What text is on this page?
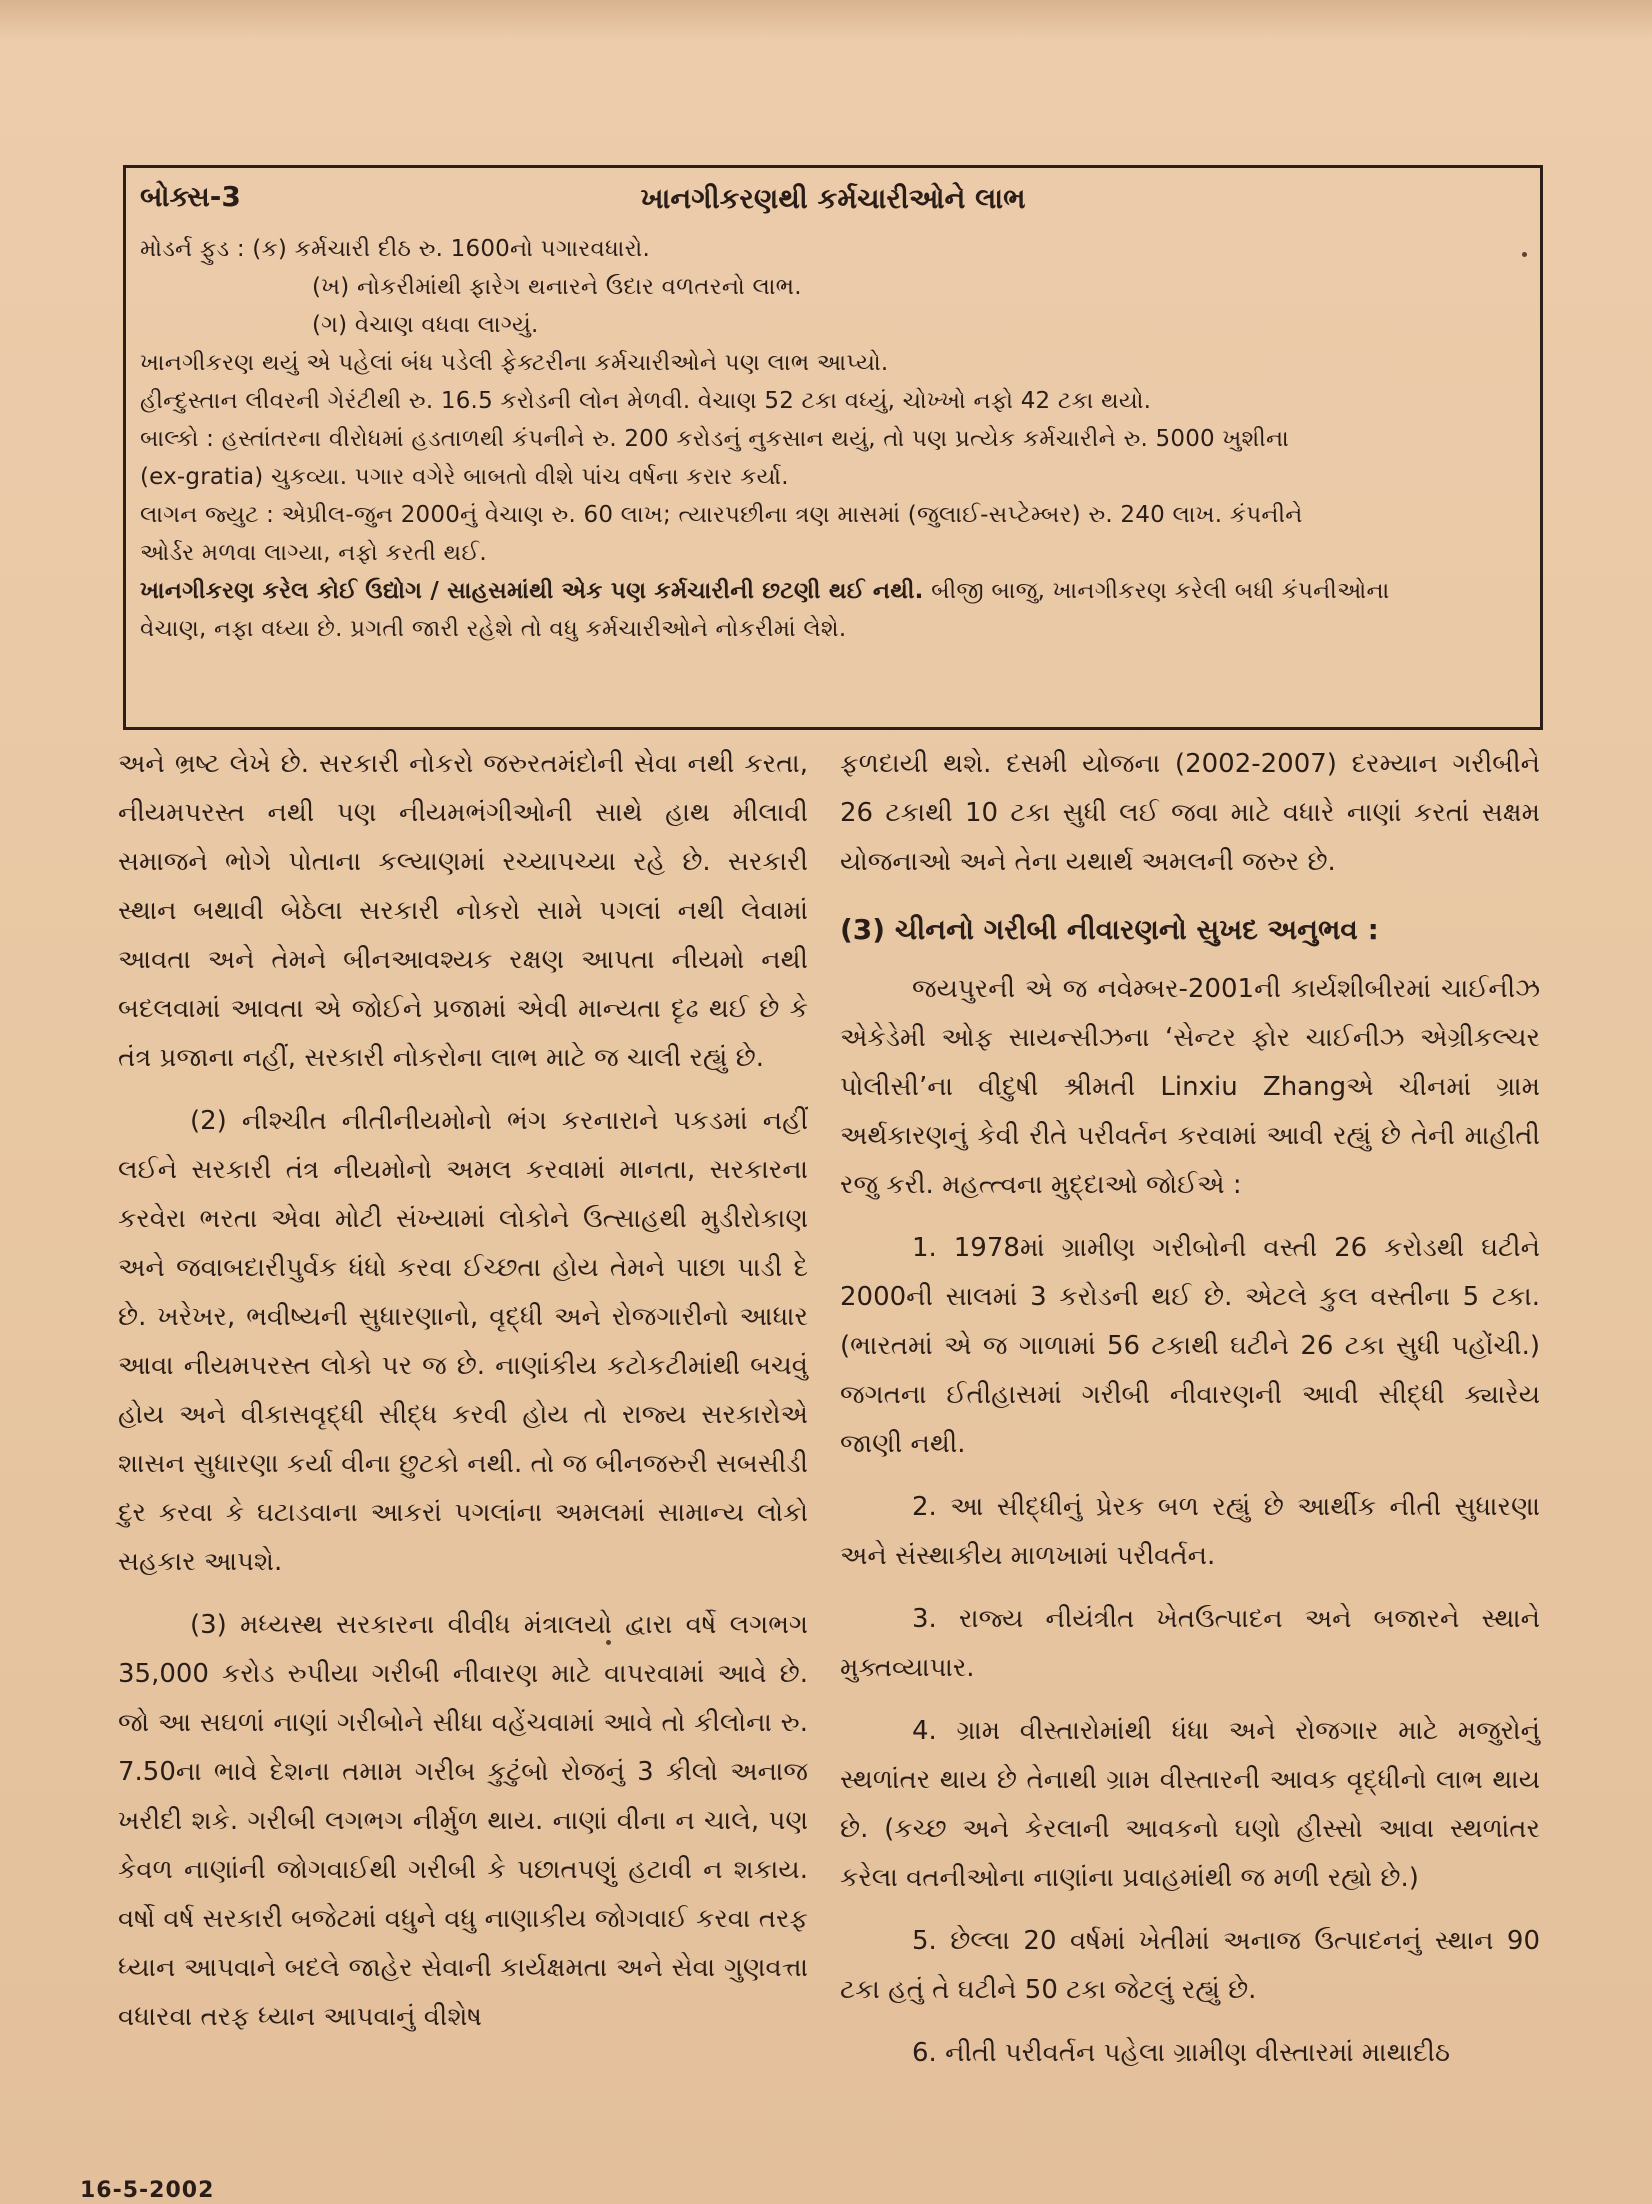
બોક્સ-3	ખાનગીકરણથી કર્મચારીઓને લાભ

મોડર્ન ફુડ : (ક) કર્મચારી દીઠ રુ. 1600નો પગારવધારો.

(ખ) નોકરીમાંથી ફારેગ થનારને ઉદાર વળતરનો લાભ.

(ગ) વેચાણ વધવા લાગ્યું.

ખાનગીકરણ થયું એ પહેલાં બંધ પડેલી ફેક્ટરીના કર્મચારીઓને પણ લાભ આપ્યો.

હીન્દુસ્તાન લીવરની ગેરંટીથી રુ. 16.5 કરોડની લોન મેળવી. વેચાણ 52 ટકા વધ્યું, ચોખ્ખો નફો 42 ટકા થયો.

બાલ્કો : હસ્તાંતરના વીરોધમાં હડતાળથી કંપનીને રુ. 200 કરોડનું નુકસાન થયું, તો પણ પ્રત્યેક કર્મચારીને રુ. 5000 ખુશીના

(ex-gratia) ચુકવ્યા. પગાર વગેરે બાબતો વીશે પાંચ વર્ષના કરાર કર્યા.

લાગન જ્યુટ : એપ્રીલ-જુન 2000નું વેચાણ રુ. 60 લાખ; ત્યારપછીના ત્રણ માસમાં (જુલાઈ-સપ્ટેમ્બર) રુ. 240 લાખ. કંપનીને

ઓર્ડર મળવા લાગ્યા, નફો કરતી થઈ.

ખાનગીકરણ કરેલ કોઈ ઉદ્યોગ / સાહસમાંથી એક પણ કર્મચારીની છટણી થઈ નથી. બીજી બાજુ, ખાનગીકરણ કરેલી બધી કંપનીઓના

વેચાણ, નફા વધ્યા છે. પ્રગતી જારી રહેશે તો વધુ કર્મચારીઓને નોકરીમાં લેશે.

અને ભ્રષ્ટ લેખે છે. સરકારી નોકરો જરુરતમંદોની સેવા નથી કરતા, નીયમપરસ્ત નથી પણ નીયમભંગીઓની સાથે હાથ મીલાવી સમાજને ભોગે પોતાના કલ્યાણમાં રચ્યાપચ્યા રહે છે. સરકારી સ્થાન બથાવી બેઠેલા સરકારી નોકરો સામે પગલાં નથી લેવામાં આવતા અને તેમને બીનઆવશ્યક રક્ષણ આપતા નીયમો નથી બદલવામાં આવતા એ જોઈને પ્રજામાં એવી માન્યતા દૃઢ થઈ છે કે તંત્ર પ્રજાના નહીં, સરકારી નોકરોના લાભ માટે જ ચાલી રહ્યું છે.

(2) નીશ્ચીત નીતીનીયમોનો ભંગ કરનારાને પકડમાં નહીં લઈને સરકારી તંત્ર નીયમોનો અમલ કરવામાં માનતા, સરકારના કરવેરા ભરતા એવા મોટી સંખ્યામાં લોકોને ઉત્સાહથી મુડીરોકાણ અને જવાબદારીપુર્વક ધંધો કરવા ઈચ્છતા હોય તેમને પાછા પાડી દે છે. ખરેખર, ભવીષ્યની સુધારણાનો, વૃદ્ધી અને રોજગારીનો આધાર આવા નીયમપરસ્ત લોકો પર જ છે. નાણાંકીય કટોકટીમાંથી બચવું હોય અને વીકાસવૃદ્ધી સીદ્ધ કરવી હોય તો રાજ્ય સરકારોએ શાસન સુધારણા કર્યા વીના છુટકો નથી. તો જ બીનજરુરી સબસીડી દુર કરવા કે ઘટાડવાના આકરાં પગલાંના અમલમાં સામાન્ય લોકો સહકાર આપશે.

(3) મધ્યસ્થ સરકારના વીવીધ મંત્રાલયો દ્વારા વર્ષે લગભગ 35,000 કરોડ રુપીયા ગરીબી નીવારણ માટે વાપરવામાં આવે છે. જો આ સઘળાં નાણાં ગરીબોને સીધા વહેંચવામાં આવે તો કીલોના રુ. 7.50ના ભાવે દેશના તમામ ગરીબ કુટુંબો રોજનું 3 કીલો અનાજ ખરીદી શકે. ગરીબી લગભગ નીર્મુળ થાય. નાણાં વીના ન ચાલે, પણ કેવળ નાણાંની જોગવાઈથી ગરીબી કે પછાતપણું હટાવી ન શકાય. વર્ષો વર્ષ સરકારી બજેટમાં વધુને વધુ નાણાકીય જોગવાઈ કરવા તરફ ધ્યાન આપવાને બદલે જાહેર સેવાની કાર્યક્ષમતા અને સેવા ગુણવત્તા વધારવા તરફ ધ્યાન આપવાનું વીશેષ

ફળદાયી થશે. દસમી યોજના (2002-2007) દરમ્યાન ગરીબીને 26 ટકાથી 10 ટકા સુધી લઈ જવા માટે વધારે નાણાં કરતાં સક્ષમ યોજનાઓ અને તેના યથાર્થ અમલની જરુર છે.

(3) ચીનનો ગરીબી નીવારણનો સુખદ અનુભવ :

જયપુરની એ જ નવેમ્બર-2001ની કાર્યશીબીરમાં ચાઈનીઝ એકેડેમી ઓફ સાયન્સીઝના ‘સેન્ટર ફોર ચાઈનીઝ એગ્રીકલ્ચર પોલીસી’ના વીદુષી શ્રીમતી Linxiu Zhangએ ચીનમાં ગ્રામ અર્થકારણનું કેવી રીતે પરીવર્તન કરવામાં આવી રહ્યું છે તેની માહીતી રજુ કરી. મહત્ત્વના મુદ્દાઓ જોઈએ :

1. 1978માં ગ્રામીણ ગરીબોની વસ્તી 26 કરોડથી ઘટીને 2000ની સાલમાં 3 કરોડની થઈ છે. એટલે કુલ વસ્તીના 5 ટકા. (ભારતમાં એ જ ગાળામાં 56 ટકાથી ઘટીને 26 ટકા સુધી પહોંચી.) જગતના ઈતીહાસમાં ગરીબી નીવારણની આવી સીદ્ધી ક્યારેય જાણી નથી.

2. આ સીદ્ધીનું પ્રેરક બળ રહ્યું છે આર્થીક નીતી સુધારણા અને સંસ્થાકીય માળખામાં પરીવર્તન.

3. રાજ્ય નીયંત્રીત ખેતઉત્પાદન અને બજારને સ્થાને મુક્તવ્યાપાર.

4. ગ્રામ વીસ્તારોમાંથી ધંધા અને રોજગાર માટે મજુરોનું સ્થળાંતર થાય છે તેનાથી ગ્રામ વીસ્તારની આવક વૃદ્ધીનો લાભ થાય છે. (કચ્છ અને કેરલાની આવકનો ઘણો હીસ્સો આવા સ્થળાંતર કરેલા વતનીઓના નાણાંના પ્રવાહમાંથી જ મળી રહ્યો છે.)

5. છેલ્લા 20 વર્ષમાં ખેતીમાં અનાજ ઉત્પાદનનું સ્થાન 90 ટકા હતું તે ઘટીને 50 ટકા જેટલું રહ્યું છે.

6. નીતી પરીવર્તન પહેલા ગ્રામીણ વીસ્તારમાં માથાદીઠ

16-5-2002
